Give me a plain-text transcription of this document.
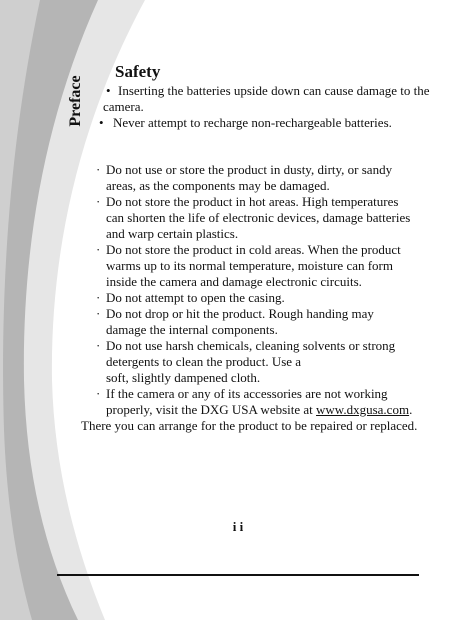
Preface
Safety
• Inserting the batteries upside down can cause damage to the
camera.
• Never attempt to recharge non-rechargeable batteries.
· Do not use or store the product in dusty, dirty, or sandy
areas, as the components may be damaged.
· Do not store the product in hot areas. High temperatures
can shorten the life of electronic devices, damage batteries
and warp certain plastics.
· Do not store the product in cold areas. When the product
warms up to its normal temperature, moisture can form
inside the camera and damage electronic circuits.
· Do not attempt to open the casing.
· Do not drop or hit the product. Rough handing may
damage the internal components.
· Do not use harsh chemicals, cleaning solvents or strong
detergents to clean the product. Use a
soft, slightly dampened cloth.
· If the camera or any of its accessories are not working
properly, visit the DXG USA website at www.dxgusa.com.
There you can arrange for the product to be repaired or replaced.
i i
